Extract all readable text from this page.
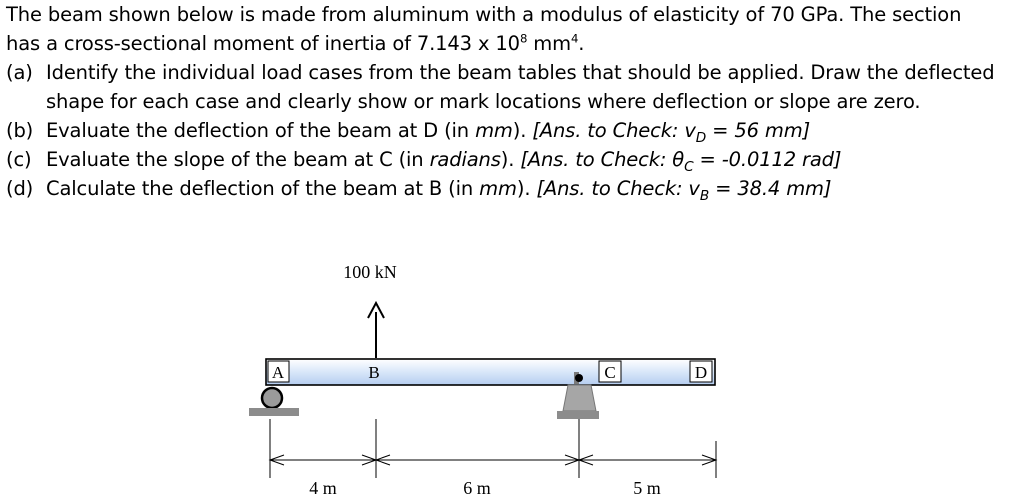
The beam shown below is made from aluminum with a modulus of elasticity of 70 GPa. The section
has a cross-sectional moment of inertia of 7.143 x $10^8$ $mm^4$.
(a) Identify the individual load cases from the beam tables that should be applied. Draw the deflected
shape for each case and clearly show or mark locations where deflection or slope are zero.
(b) Evaluate the deflection of the beam at D (in mm). [Ans. to Check: $v_D = 56$ mm]
(c) Evaluate the slope of the beam at C (in radians). [Ans. to Check: $\theta_C = -0.0112$ rad]
(d) Calculate the deflection of the beam at B (in mm). [Ans. to Check: $v_B = 38.4$ mm]
100 kN
A	B	C	D
4 m	6 m	5 m
